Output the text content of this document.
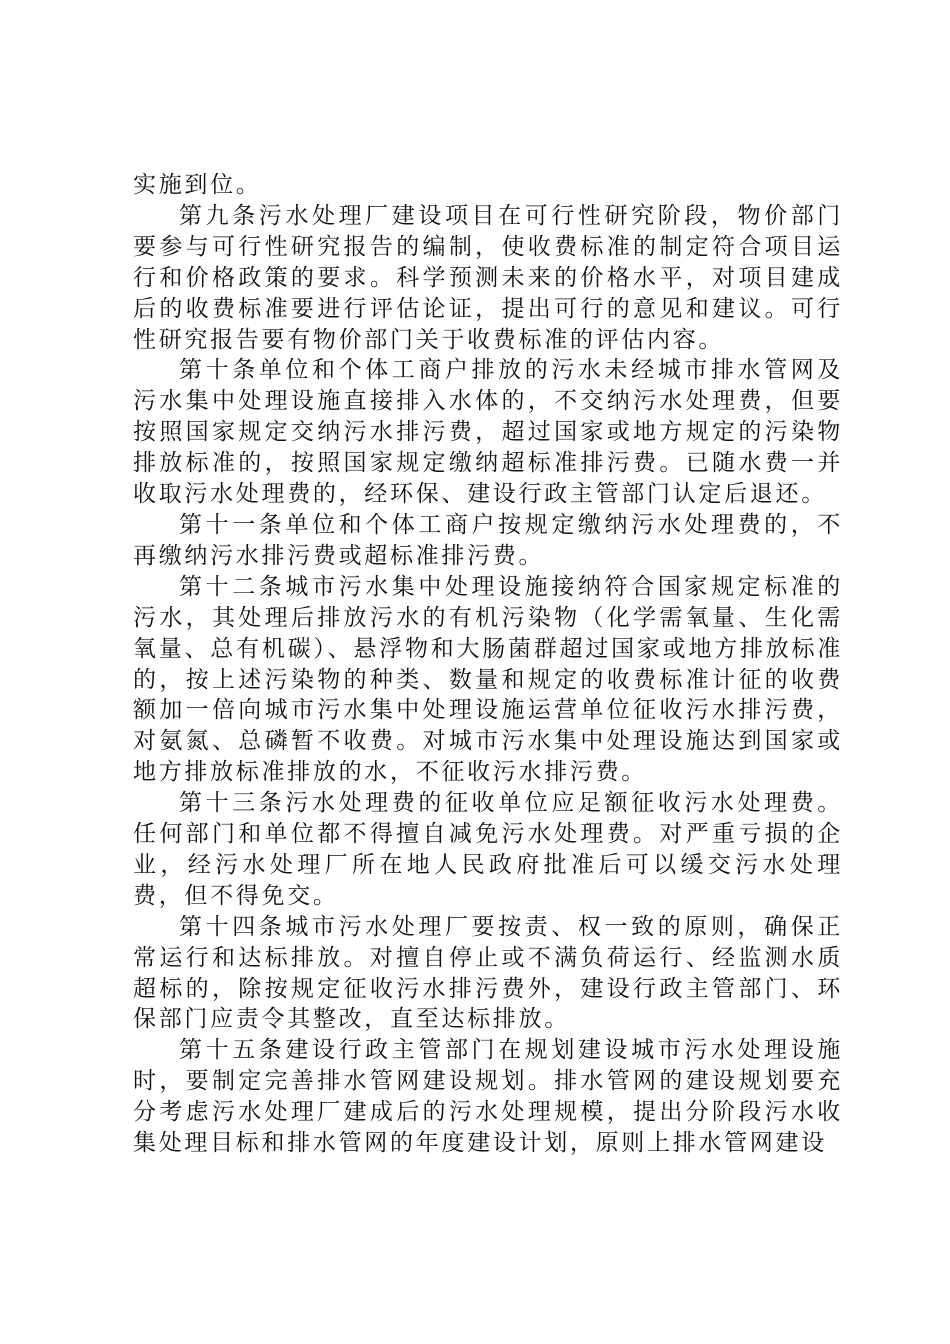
实施到位。

第九条污水处理厂建设项目在可行性研究阶段，物价部门要参与可行性研究报告的编制，使收费标准的制定符合项目运行和价格政策的要求。科学预测未来的价格水平，对项目建成后的收费标准要进行评估论证，提出可行的意见和建议。可行性研究报告要有物价部门关于收费标准的评估内容。

第十条单位和个体工商户排放的污水未经城市排水管网及污水集中处理设施直接排入水体的，不交纳污水处理费，但要按照国家规定交纳污水排污费，超过国家或地方规定的污染物排放标准的，按照国家规定缴纳超标准排污费。已随水费一并收取污水处理费的，经环保、建设行政主管部门认定后退还。

第十一条单位和个体工商户按规定缴纳污水处理费的，不再缴纳污水排污费或超标准排污费。

第十二条城市污水集中处理设施接纳符合国家规定标准的污水，其处理后排放污水的有机污染物（化学需氧量、生化需氧量、总有机碳）、悬浮物和大肠菌群超过国家或地方排放标准的，按上述污染物的种类、数量和规定的收费标准计征的收费额加一倍向城市污水集中处理设施运营单位征收污水排污费，对氨氮、总磷暂不收费。对城市污水集中处理设施达到国家或地方排放标准排放的水，不征收污水排污费。

第十三条污水处理费的征收单位应足额征收污水处理费。任何部门和单位都不得擅自减免污水处理费。对严重亏损的企业，经污水处理厂所在地人民政府批准后可以缓交污水处理费，但不得免交。

第十四条城市污水处理厂要按责、权一致的原则，确保正常运行和达标排放。对擅自停止或不满负荷运行、经监测水质超标的，除按规定征收污水排污费外，建设行政主管部门、环保部门应责令其整改，直至达标排放。

第十五条建设行政主管部门在规划建设城市污水处理设施时，要制定完善排水管网建设规划。排水管网的建设规划要充分考虑污水处理厂建成后的污水处理规模，提出分阶段污水收集处理目标和排水管网的年度建设计划，原则上排水管网建设
